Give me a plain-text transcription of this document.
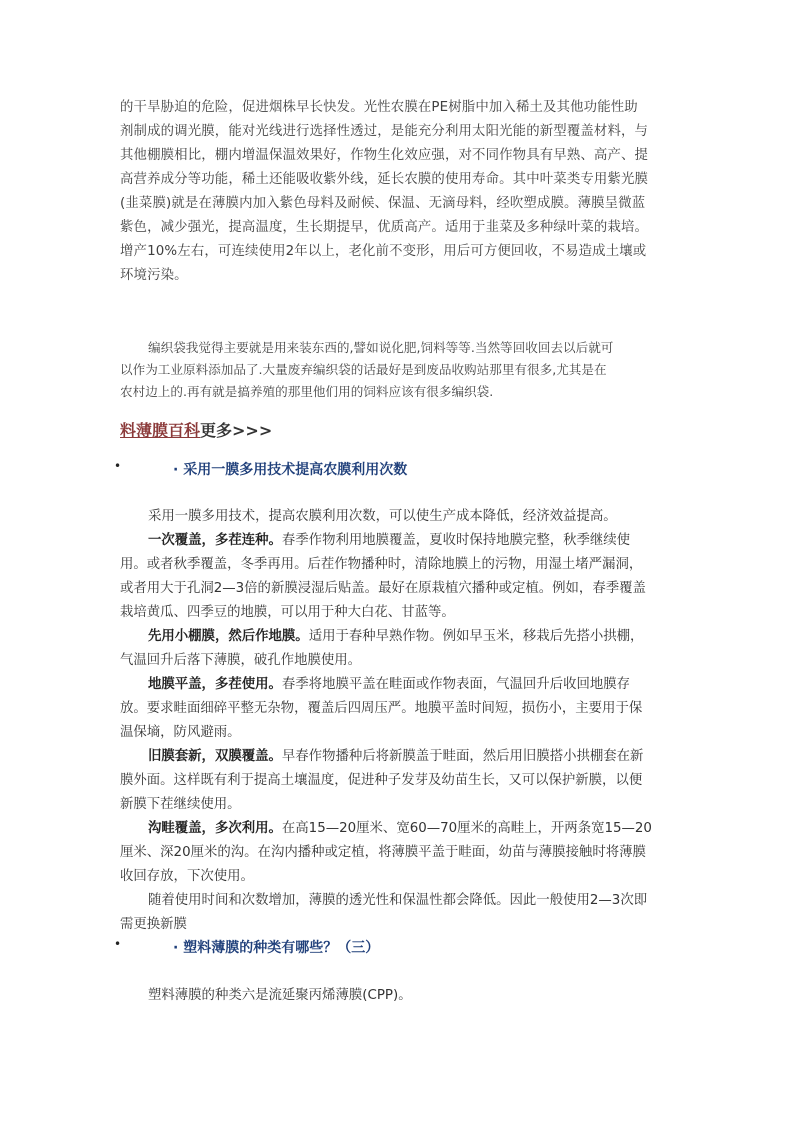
的干旱胁迫的危险，促进烟株早长快发。光性农膜在PE树脂中加入稀土及其他功能性助
剂制成的调光膜，能对光线进行选择性透过，是能充分利用太阳光能的新型覆盖材料，与
其他棚膜相比，棚内增温保温效果好，作物生化效应强，对不同作物具有早熟、高产、提
高营养成分等功能，稀土还能吸收紫外线，延长农膜的使用寿命。其中叶菜类专用紫光膜
(韭菜膜)就是在薄膜内加入紫色母料及耐候、保温、无滴母料，经吹塑成膜。薄膜呈微蓝
紫色，减少强光，提高温度，生长期提早，优质高产。适用于韭菜及多种绿叶菜的栽培。
增产10%左右，可连续使用2年以上，老化前不变形，用后可方便回收，不易造成土壤或
环境污染。
编织袋我觉得主要就是用来装东西的,譬如说化肥,饲料等等.当然等回收回去以后就可
以作为工业原料添加品了.大量废弃编织袋的话最好是到废品收购站那里有很多,尤其是在
农村边上的.再有就是搞养殖的那里他们用的饲料应该有很多编织袋.
料薄膜百科更多>>>
•	· 采用一膜多用技术提高农膜利用次数
采用一膜多用技术，提高农膜利用次数，可以使生产成本降低，经济效益提高。
一次覆盖，多茬连种。春季作物利用地膜覆盖，夏收时保持地膜完整，秋季继续使
用。或者秋季覆盖，冬季再用。后茬作物播种时，清除地膜上的污物，用湿土堵严漏洞，
或者用大于孔洞2—3倍的新膜浸湿后贴盖。最好在原栽植穴播种或定植。例如，春季覆盖
栽培黄瓜、四季豆的地膜，可以用于种大白花、甘蓝等。
先用小棚膜，然后作地膜。适用于春种早熟作物。例如早玉米，移栽后先搭小拱棚，
气温回升后落下薄膜，破孔作地膜使用。
地膜平盖，多茬使用。春季将地膜平盖在畦面或作物表面，气温回升后收回地膜存
放。要求畦面细碎平整无杂物，覆盖后四周压严。地膜平盖时间短，损伤小，主要用于保
温保墒，防风避雨。
旧膜套新，双膜覆盖。早春作物播种后将新膜盖于畦面，然后用旧膜搭小拱棚套在新
膜外面。这样既有利于提高土壤温度，促进种子发芽及幼苗生长，又可以保护新膜，以便
新膜下茬继续使用。
沟畦覆盖，多次利用。在高15—20厘米、宽60—70厘米的高畦上，开两条宽15—20
厘米、深20厘米的沟。在沟内播种或定植，将薄膜平盖于畦面，幼苗与薄膜接触时将薄膜
收回存放，下次使用。
随着使用时间和次数增加，薄膜的透光性和保温性都会降低。因此一般使用2—3次即
需更换新膜
•	· 塑料薄膜的种类有哪些？（三）
塑料薄膜的种类六是流延聚丙烯薄膜(CPP)。
